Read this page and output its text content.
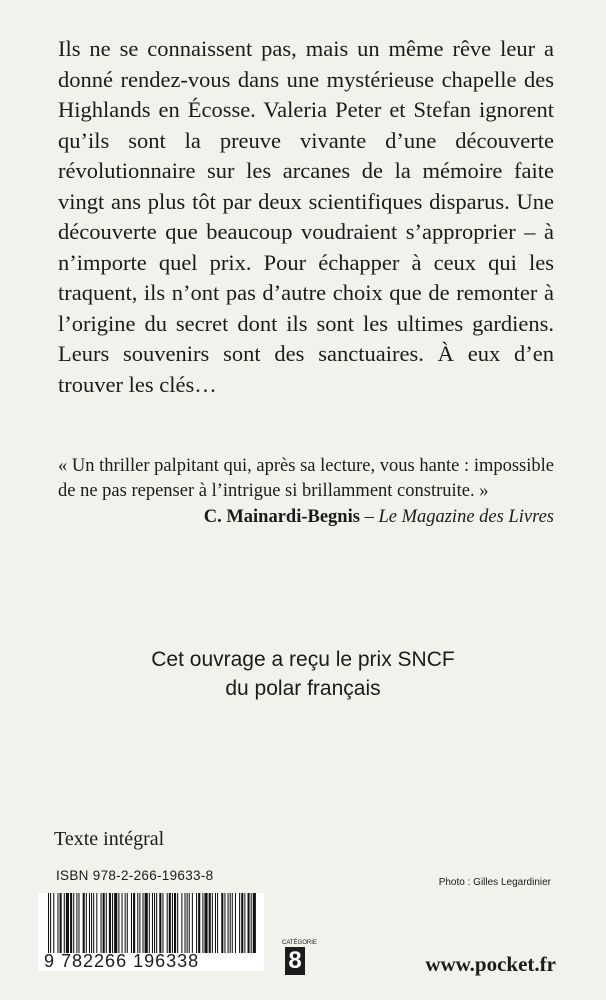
Ils ne se connaissent pas, mais un même rêve leur a donné rendez-vous dans une mystérieuse chapelle des Highlands en Écosse. Valeria Peter et Stefan ignorent qu’ils sont la preuve vivante d’une découverte révolutionnaire sur les arcanes de la mémoire faite vingt ans plus tôt par deux scientifiques disparus. Une découverte que beaucoup voudraient s’approprier – à n’importe quel prix. Pour échapper à ceux qui les traquent, ils n’ont pas d’autre choix que de remonter à l’origine du secret dont ils sont les ultimes gardiens. Leurs souvenirs sont des sanctuaires. À eux d’en trouver les clés…

« Un thriller palpitant qui, après sa lecture, vous hante : impossible de ne pas repenser à l’intrigue si brillamment construite. »

C. Mainardi-Begnis – Le Magazine des Livres
Cet ouvrage a reçu le prix SNCF
du polar français
Texte intégral
ISBN 978-2-266-19633-8	Photo : Gilles Legardinier
9 782266 196338
CATÉGORIE
8	www.pocket.fr
